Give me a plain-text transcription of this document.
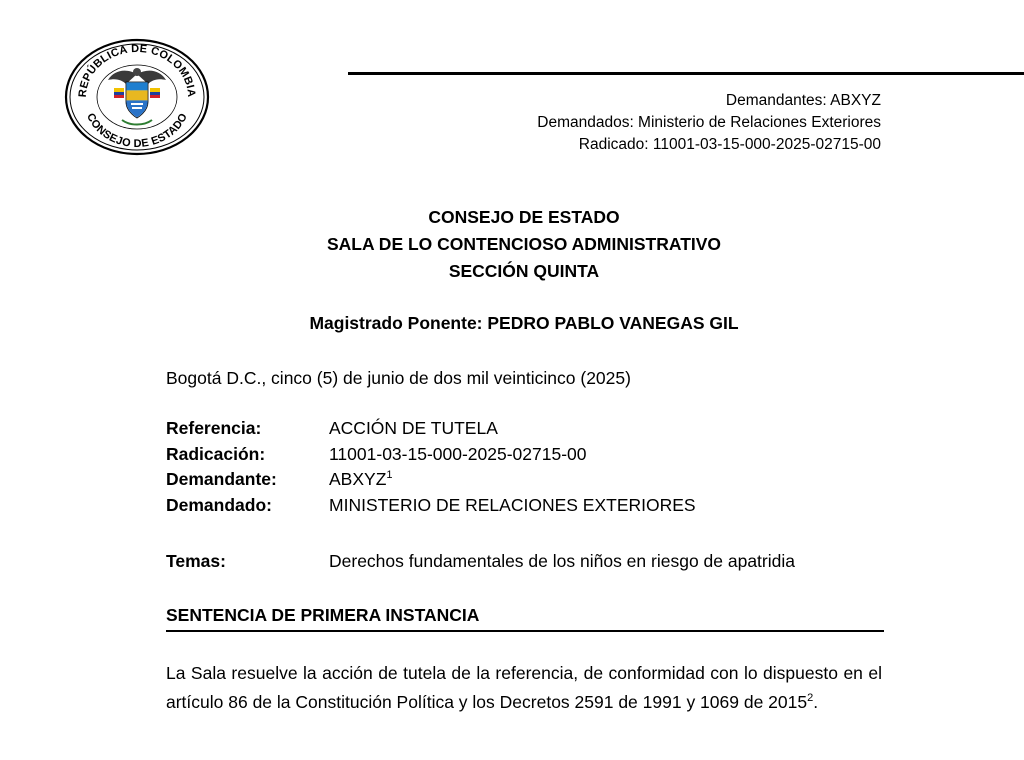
REPÚBLICA DE COLOMBIA
CONSEJO DE ESTADO
Demandantes: ABXYZ
Demandados: Ministerio de Relaciones Exteriores
Radicado: 11001-03-15-000-2025-02715-00
CONSEJO DE ESTADO
SALA DE LO CONTENCIOSO ADMINISTRATIVO
SECCIÓN QUINTA
Magistrado Ponente: PEDRO PABLO VANEGAS GIL
Bogotá D.C., cinco (5) de junio de dos mil veinticinco (2025)
Referencia:	ACCIÓN DE TUTELA
Radicación:	11001-03-15-000-2025-02715-00
Demandante:	ABXYZ$^1$
Demandado:	MINISTERIO DE RELACIONES EXTERIORES
Temas:	Derechos fundamentales de los niños en riesgo de apatridia
SENTENCIA DE PRIMERA INSTANCIA
La Sala resuelve la acción de tutela de la referencia, de conformidad con lo dispuesto en el artículo 86 de la Constitución Política y los Decretos 2591 de 1991 y 1069 de 2015$^2$.
